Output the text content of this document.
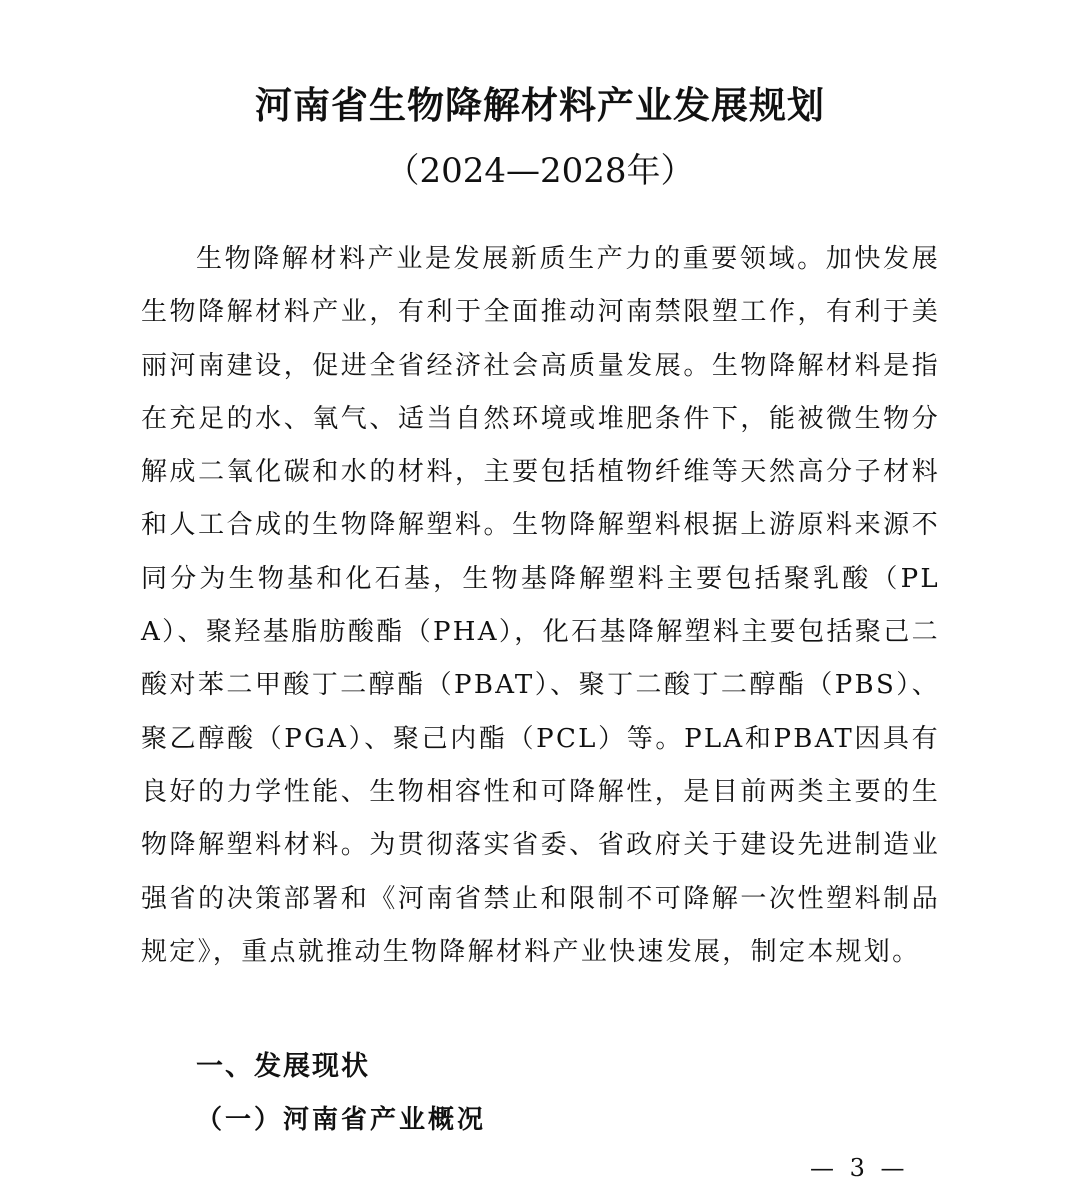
河南省生物降解材料产业发展规划

（2024—2028年）

生物降解材料产业是发展新质生产力的重要领域。加快发展生物降解材料产业，有利于全面推动河南禁限塑工作，有利于美丽河南建设，促进全省经济社会高质量发展。生物降解材料是指在充足的水、氧气、适当自然环境或堆肥条件下，能被微生物分解成二氧化碳和水的材料，主要包括植物纤维等天然高分子材料和人工合成的生物降解塑料。生物降解塑料根据上游原料来源不同分为生物基和化石基，生物基降解塑料主要包括聚乳酸（PLA）、聚羟基脂肪酸酯（PHA），化石基降解塑料主要包括聚己二酸对苯二甲酸丁二醇酯（PBAT）、聚丁二酸丁二醇酯（PBS）、聚乙醇酸（PGA）、聚己内酯（PCL）等。PLA和PBAT因具有良好的力学性能、生物相容性和可降解性，是目前两类主要的生物降解塑料材料。为贯彻落实省委、省政府关于建设先进制造业强省的决策部署和《河南省禁止和限制不可降解一次性塑料制品规定》，重点就推动生物降解材料产业快速发展，制定本规划。

一、发展现状
（一）河南省产业概况
— 3 —
